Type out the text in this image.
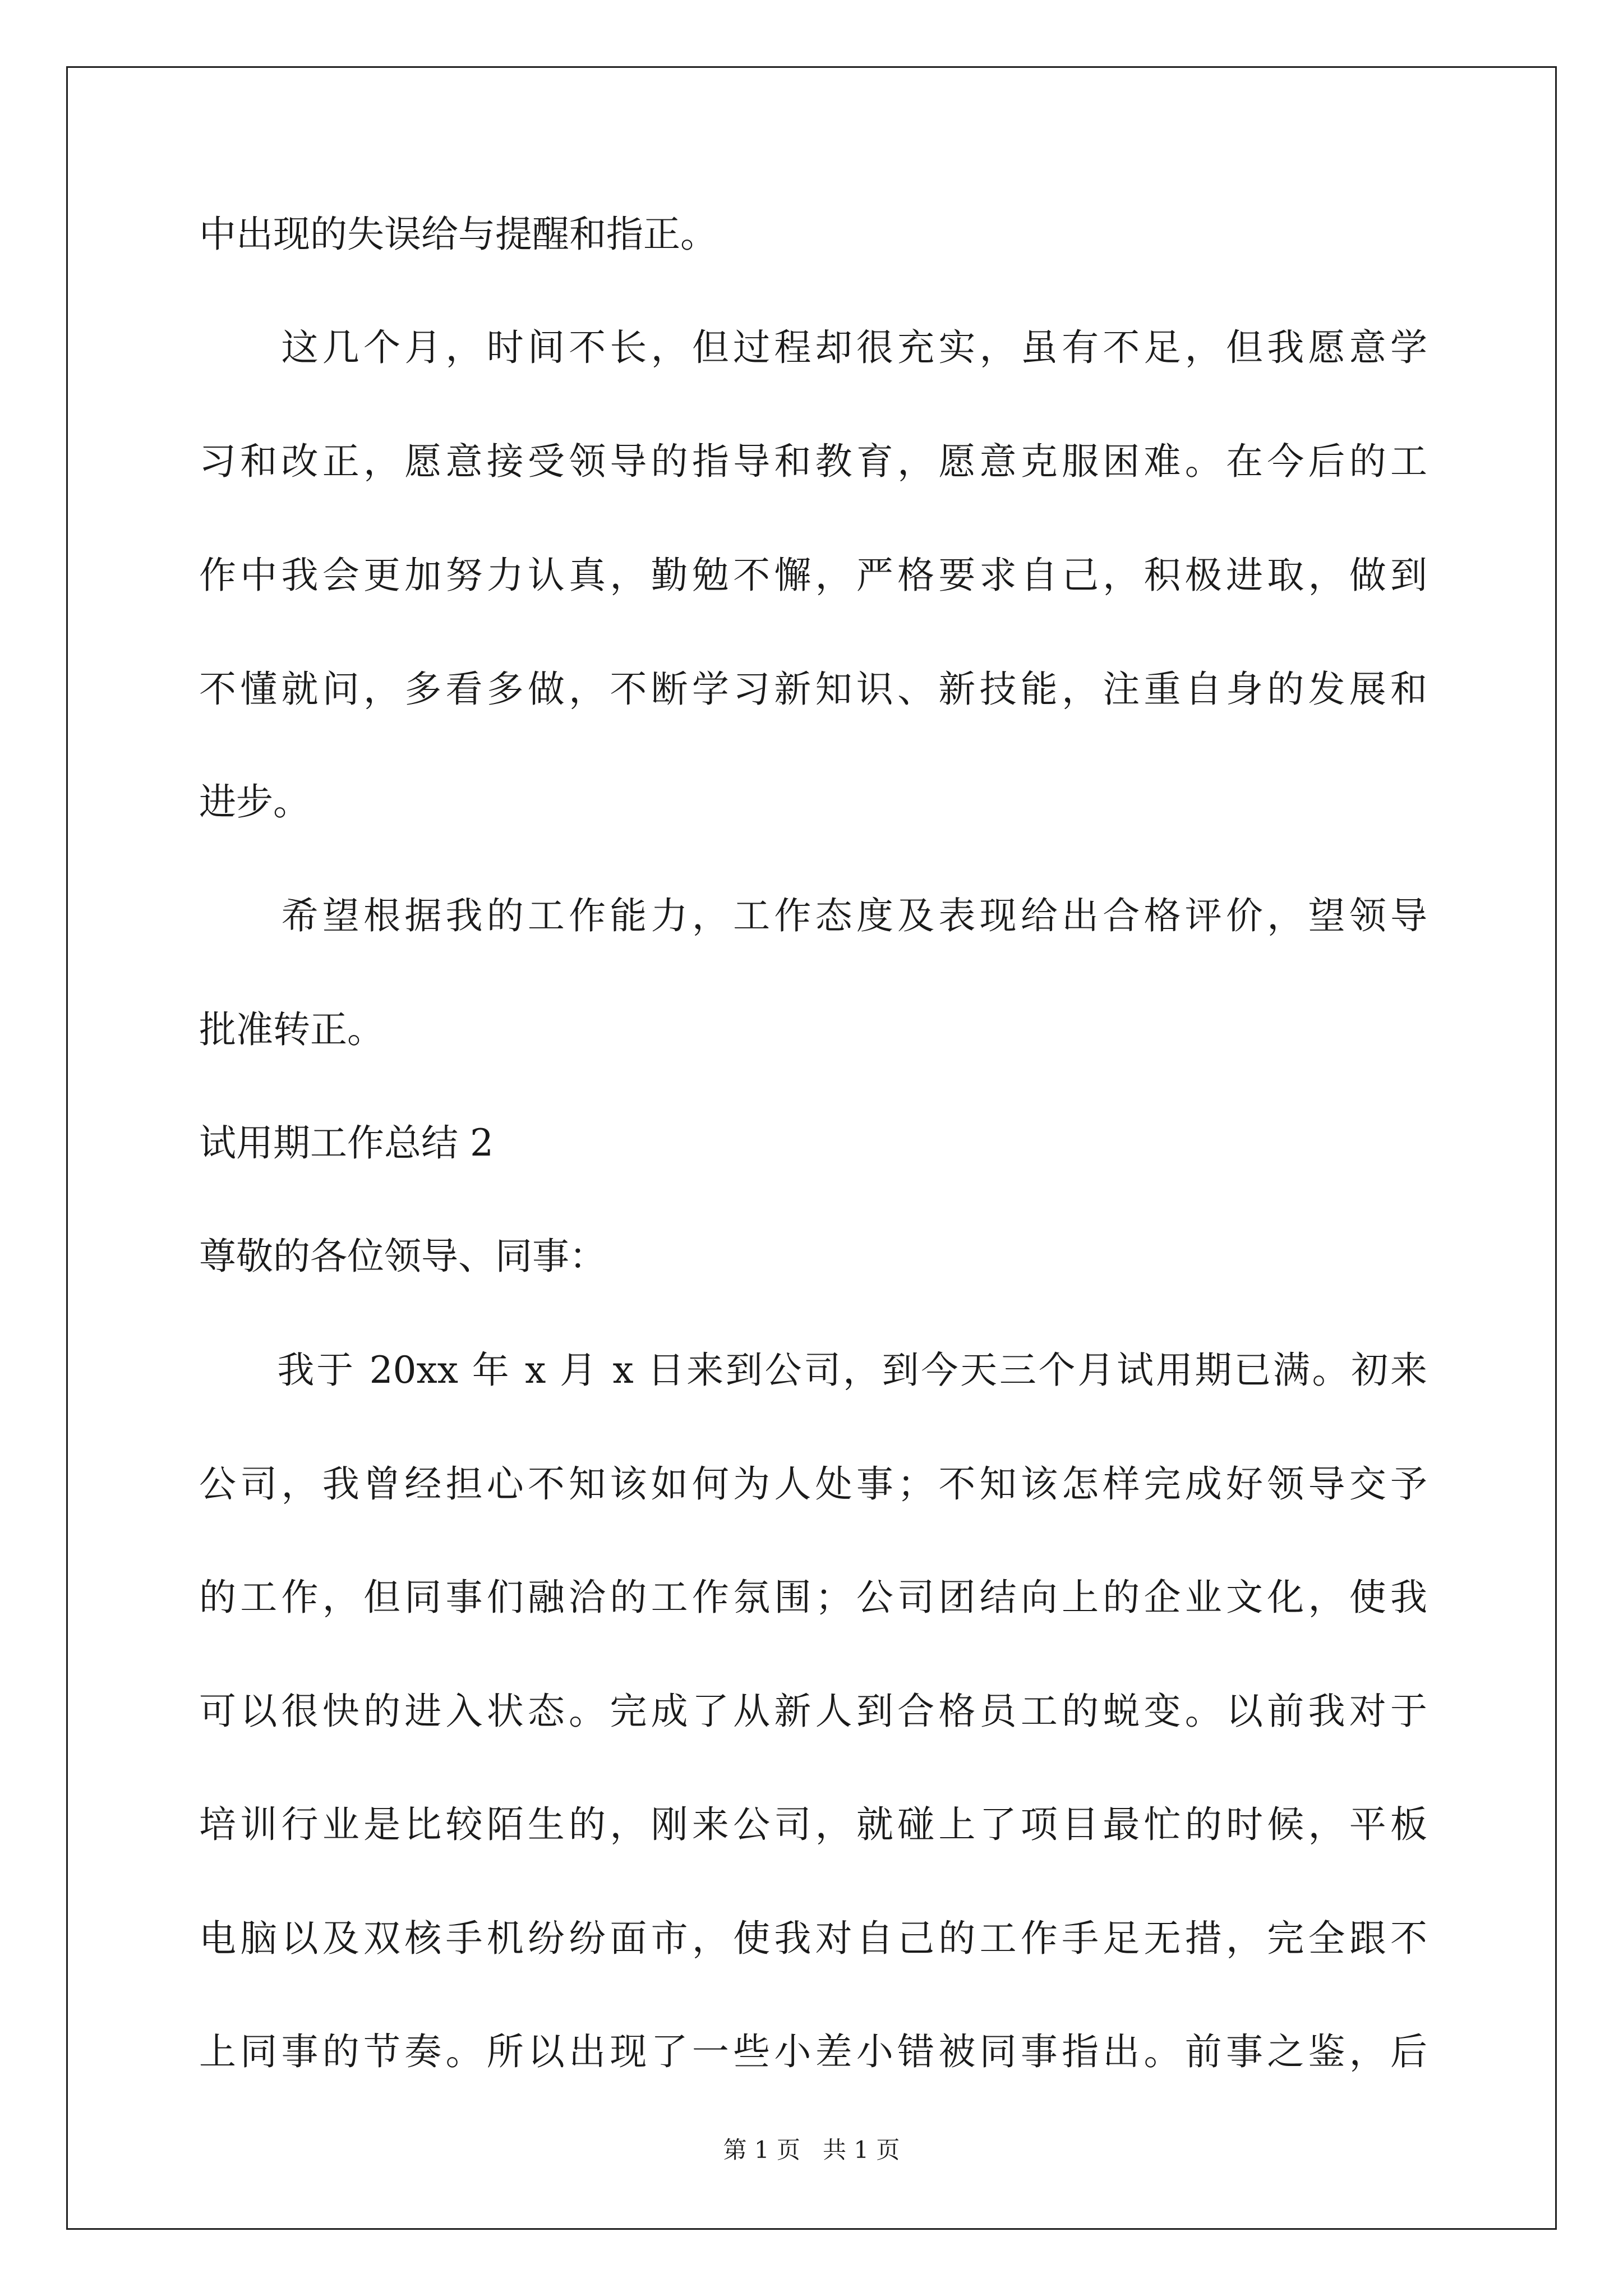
中出现的失误给与提醒和指正。
　　这几个月，时间不长，但过程却很充实，虽有不足，但我愿意学
习和改正，愿意接受领导的指导和教育，愿意克服困难。在今后的工
作中我会更加努力认真，勤勉不懈，严格要求自己，积极进取，做到
不懂就问，多看多做，不断学习新知识、新技能，注重自身的发展和
进步。
　　希望根据我的工作能力，工作态度及表现给出合格评价，望领导
批准转正。
试用期工作总结 2
尊敬的各位领导、同事：
　　我于 20xx 年 x 月 x 日来到公司，到今天三个月试用期已满。初来
公司，我曾经担心不知该如何为人处事；不知该怎样完成好领导交予
的工作，但同事们融洽的工作氛围；公司团结向上的企业文化，使我
可以很快的进入状态。完成了从新人到合格员工的蜕变。以前我对于
培训行业是比较陌生的，刚来公司，就碰上了项目最忙的时候，平板
电脑以及双核手机纷纷面市，使我对自己的工作手足无措，完全跟不
上同事的节奏。所以出现了一些小差小错被同事指出。前事之鉴，后
第 1 页 共 1 页
